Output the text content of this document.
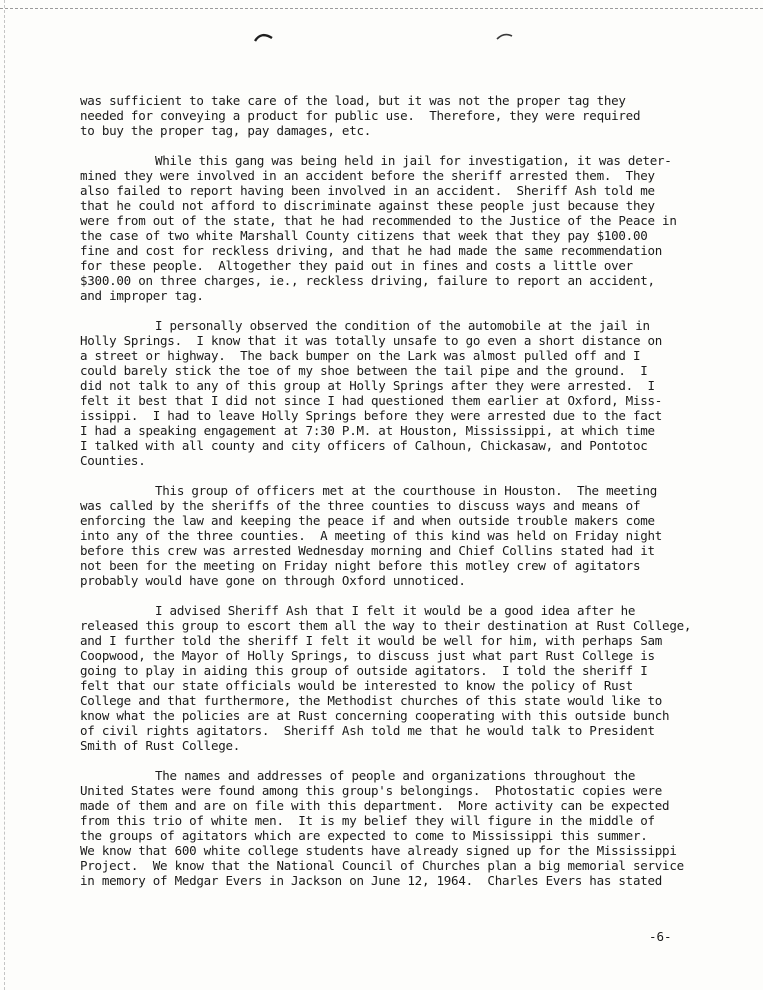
was sufficient to take care of the load, but it was not the proper tag they
needed for conveying a product for public use.  Therefore, they were required
to buy the proper tag, pay damages, etc.
While this gang was being held in jail for investigation, it was deter-
mined they were involved in an accident before the sheriff arrested them.  They
also failed to report having been involved in an accident.  Sheriff Ash told me
that he could not afford to discriminate against these people just because they
were from out of the state, that he had recommended to the Justice of the Peace in
the case of two white Marshall County citizens that week that they pay $100.00
fine and cost for reckless driving, and that he had made the same recommendation
for these people.  Altogether they paid out in fines and costs a little over
$300.00 on three charges, ie., reckless driving, failure to report an accident,
and improper tag.
I personally observed the condition of the automobile at the jail in
Holly Springs.  I know that it was totally unsafe to go even a short distance on
a street or highway.  The back bumper on the Lark was almost pulled off and I
could barely stick the toe of my shoe between the tail pipe and the ground.  I
did not talk to any of this group at Holly Springs after they were arrested.  I
felt it best that I did not since I had questioned them earlier at Oxford, Miss-
issippi.  I had to leave Holly Springs before they were arrested due to the fact
I had a speaking engagement at 7:30 P.M. at Houston, Mississippi, at which time
I talked with all county and city officers of Calhoun, Chickasaw, and Pontotoc
Counties.
This group of officers met at the courthouse in Houston.  The meeting
was called by the sheriffs of the three counties to discuss ways and means of
enforcing the law and keeping the peace if and when outside trouble makers come
into any of the three counties.  A meeting of this kind was held on Friday night
before this crew was arrested Wednesday morning and Chief Collins stated had it
not been for the meeting on Friday night before this motley crew of agitators
probably would have gone on through Oxford unnoticed.
I advised Sheriff Ash that I felt it would be a good idea after he
released this group to escort them all the way to their destination at Rust College,
and I further told the sheriff I felt it would be well for him, with perhaps Sam
Coopwood, the Mayor of Holly Springs, to discuss just what part Rust College is
going to play in aiding this group of outside agitators.  I told the sheriff I
felt that our state officials would be interested to know the policy of Rust
College and that furthermore, the Methodist churches of this state would like to
know what the policies are at Rust concerning cooperating with this outside bunch
of civil rights agitators.  Sheriff Ash told me that he would talk to President
Smith of Rust College.
The names and addresses of people and organizations throughout the
United States were found among this group's belongings.  Photostatic copies were
made of them and are on file with this department.  More activity can be expected
from this trio of white men.  It is my belief they will figure in the middle of
the groups of agitators which are expected to come to Mississippi this summer.
We know that 600 white college students have already signed up for the Mississippi
Project.  We know that the National Council of Churches plan a big memorial service
in memory of Medgar Evers in Jackson on June 12, 1964.  Charles Evers has stated
-6-
